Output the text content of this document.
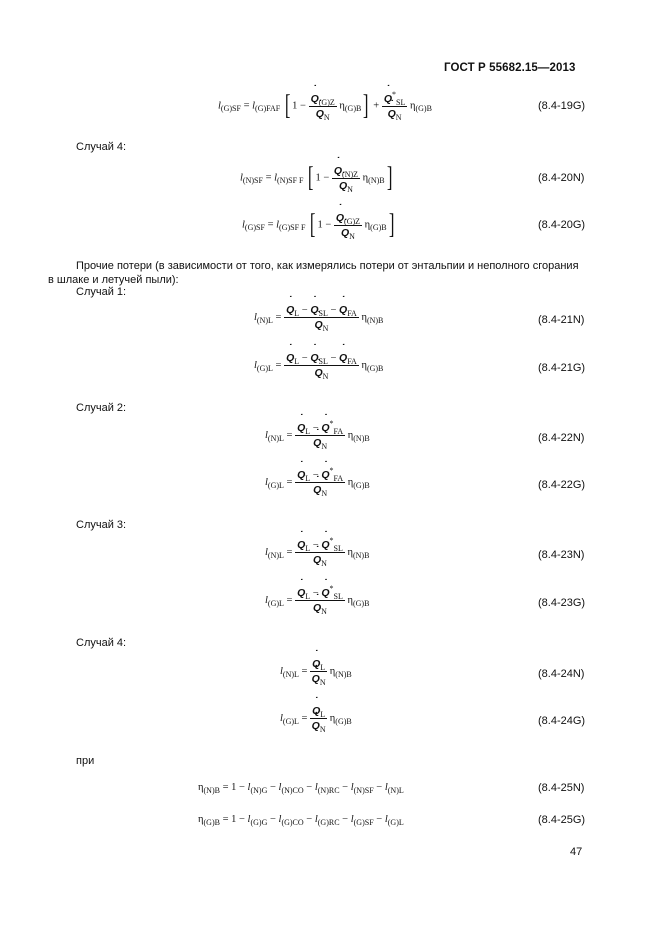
ГОСТ Р 55682.15—2013
$l_{(G)SF} = l_{(G)FAF}$ [ 1 − ˙ $Q_{(G)Z}$
˙ $Q_N$ $\eta_{(G)B}$] + ˙ $Q^*_{SL}$
˙ $Q_N$ $\eta_{(G)B}$	(8.4-19G)
Случай 4:
$l_{(N)SF} = l_{(N)SF F}$ [ 1 − ˙ $Q_{(N)Z}$
˙ $Q_N$ $\eta_{(N)B}$]	(8.4-20N)
$l_{(G)SF} = l_{(G)SF F}$ [ 1 − ˙ $Q_{(G)Z}$
˙ $Q_N$ $\eta_{(G)B}$]	(8.4-20G)
Прочие потери (в зависимости от того, как измерялись потери от энтальпии и неполного сгорания
в шлаке и летучей пыли):
Случай 1:
$l_{(N)L}$ = ˙ $Q_L$ − ˙ $Q_{SL}$ − ˙ $Q_{FA}$
˙ $Q_N$ $\eta_{(N)B}$	(8.4-21N)
$l_{(G)L}$ = ˙ $Q_L$ − ˙ $Q_{SL}$ − ˙ $Q_{FA}$
˙ $Q_N$ $\eta_{(G)B}$	(8.4-21G)
Случай 2:
$l_{(N)L}$ = ˙ $Q_L$ − ˙ $Q^*_{FA}$
˙ $Q_N$ $\eta_{(N)B}$	(8.4-22N)
$l_{(G)L}$ = ˙ $Q_L$ − ˙ $Q^*_{FA}$
˙ $Q_N$ $\eta_{(G)B}$	(8.4-22G)
Случай 3:
$l_{(N)L}$ = ˙ $Q_L$ − ˙ $Q^*_{SL}$
˙ $Q_N$ $\eta_{(N)B}$	(8.4-23N)
$l_{(G)L}$ = ˙ $Q_L$ − ˙ $Q^*_{SL}$
˙ $Q_N$ $\eta_{(G)B}$	(8.4-23G)
Случай 4:
$l_{(N)L}$ = ˙ $Q_L$
˙ $Q_N$ $\eta_{(N)B}$	(8.4-24N)
$l_{(G)L}$ = ˙ $Q_L$
˙ $Q_N$ $\eta_{(G)B}$	(8.4-24G)
при
$\eta_{(N)B} = 1 - l_{(N)G} - l_{(N)CO} - l_{(N)RC} - l_{(N)SF} - l_{(N)L}$	(8.4-25N)
$\eta_{(G)B} = 1 - l_{(G)G} - l_{(G)CO} - l_{(G)RC} - l_{(G)SF} - l_{(G)L}$	(8.4-25G)
47
